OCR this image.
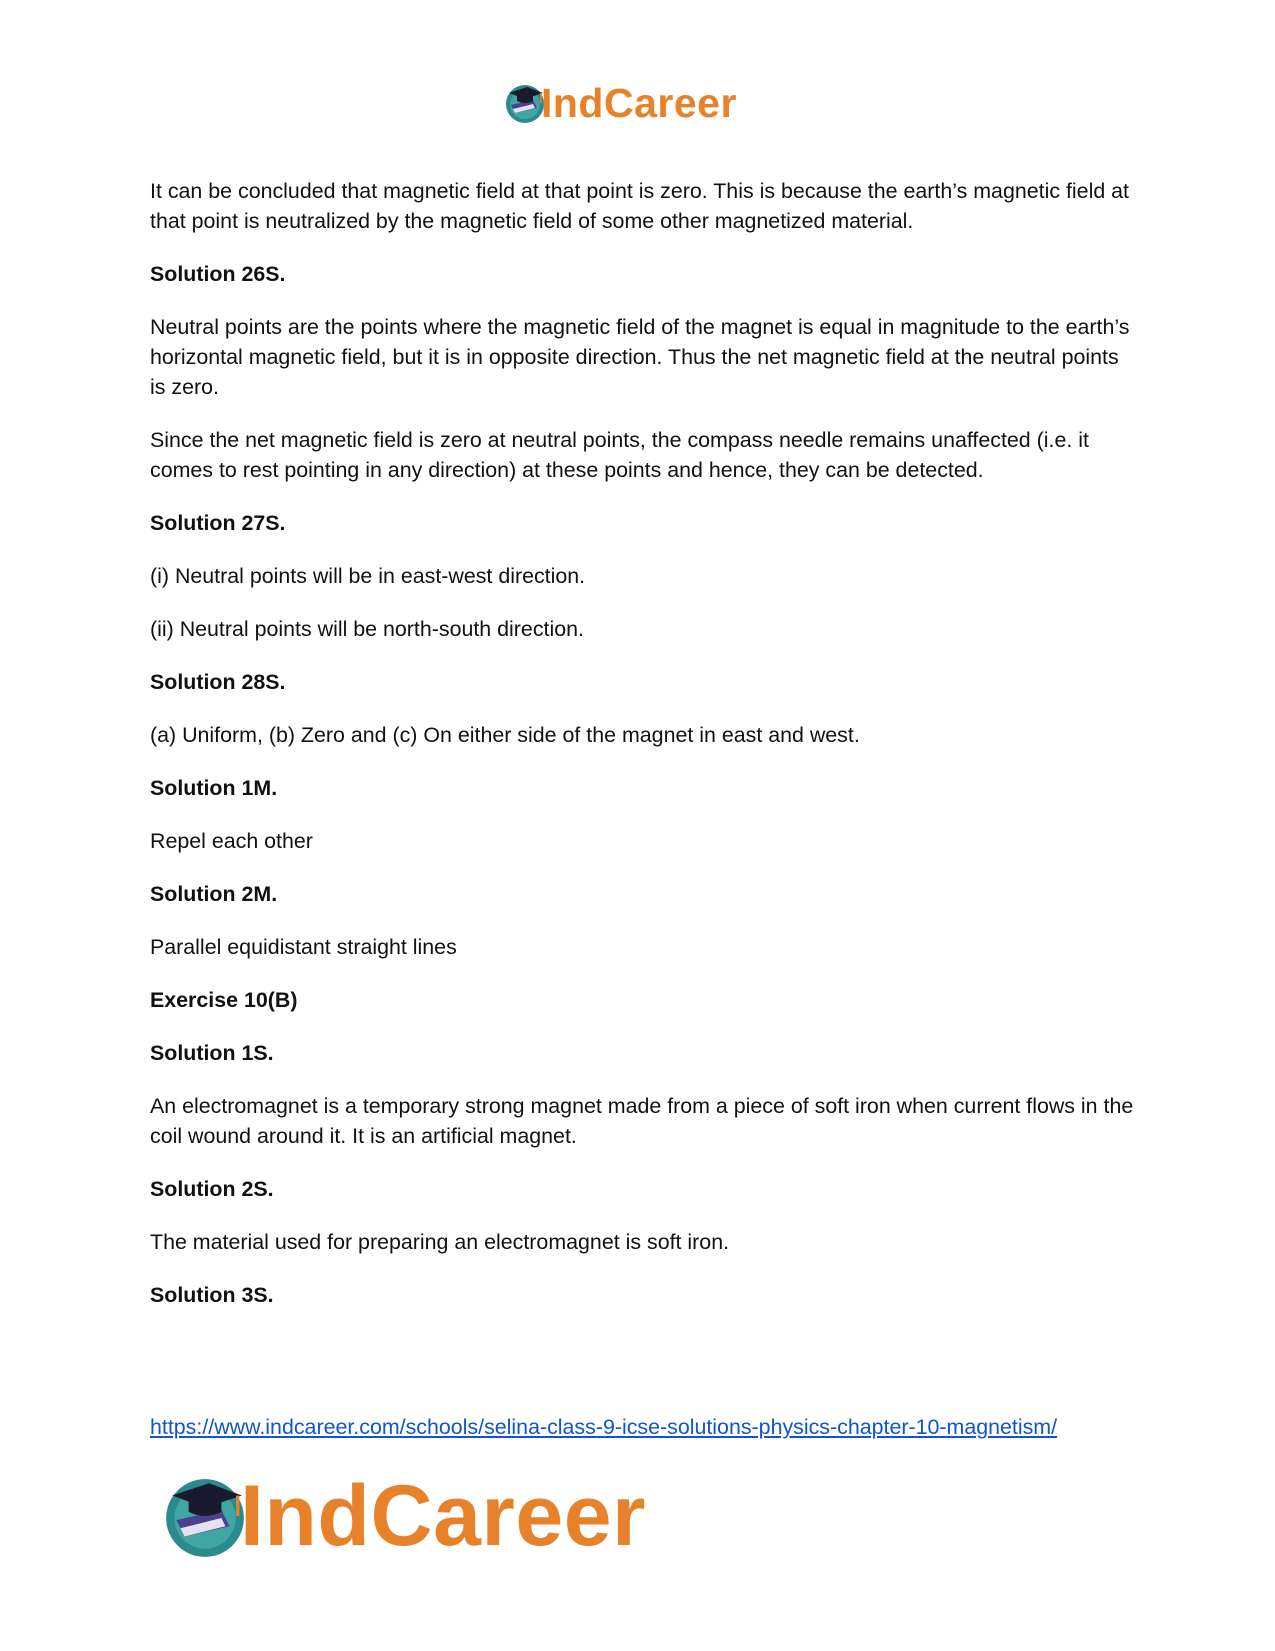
IndCareer
It can be concluded that magnetic field at that point is zero. This is because the earth’s magnetic field at that point is neutralized by the magnetic field of some other magnetized material.
Solution 26S.
Neutral points are the points where the magnetic field of the magnet is equal in magnitude to the earth’s horizontal magnetic field, but it is in opposite direction. Thus the net magnetic field at the neutral points is zero.
Since the net magnetic field is zero at neutral points, the compass needle remains unaffected (i.e. it comes to rest pointing in any direction) at these points and hence, they can be detected.
Solution 27S.
(i) Neutral points will be in east-west direction.
(ii) Neutral points will be north-south direction.
Solution 28S.
(a) Uniform, (b) Zero and (c) On either side of the magnet in east and west.
Solution 1M.
Repel each other
Solution 2M.
Parallel equidistant straight lines
Exercise 10(B)
Solution 1S.
An electromagnet is a temporary strong magnet made from a piece of soft iron when current flows in the coil wound around it. It is an artificial magnet.
Solution 2S.
The material used for preparing an electromagnet is soft iron.
Solution 3S.
https://www.indcareer.com/schools/selina-class-9-icse-solutions-physics-chapter-10-magnetism/
IndCareer
